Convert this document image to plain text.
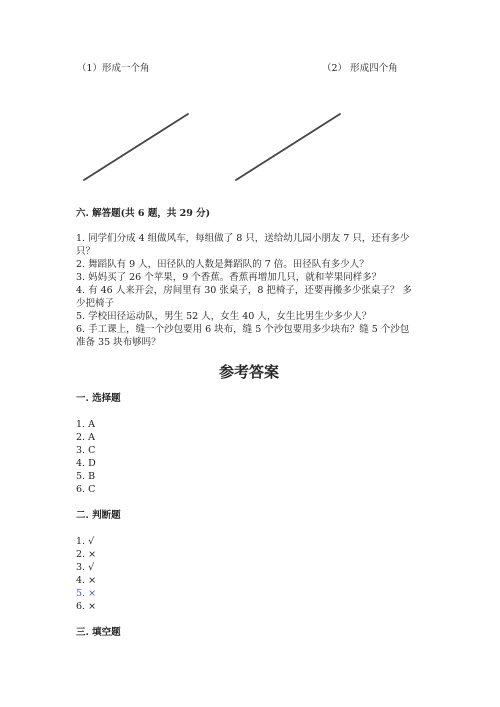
（1）形成一个角	（2） 形成四个角
六. 解答题(共 6 题，共 29 分)
1. 同学们分成 4 组做风车，每组做了 8 只，送给幼儿园小朋友 7 只，还有多少
只？
2. 舞蹈队有 9 人，田径队的人数是舞蹈队的 7 倍。田径队有多少人？
3. 妈妈买了 26 个苹果，9 个香蕉。香蕉再增加几只，就和苹果同样多？
4. 有 46 人来开会，房间里有 30 张桌子，8 把椅子，还要再搬多少张桌子？ 多
少把椅子
5. 学校田径运动队，男生 52 人，女生 40 人，女生比男生少多少人？
6. 手工课上，缝一个沙包要用 6 块布，缝 5 个沙包要用多少块布？缝 5 个沙包
准备 35 块布够吗？
参考答案
一. 选择题
1. A
2. A
3. C
4. D
5. B
6. C
二. 判断题
1. √
2. ×
3. √
4. ×
5. ×
6. ×
三. 填空题
